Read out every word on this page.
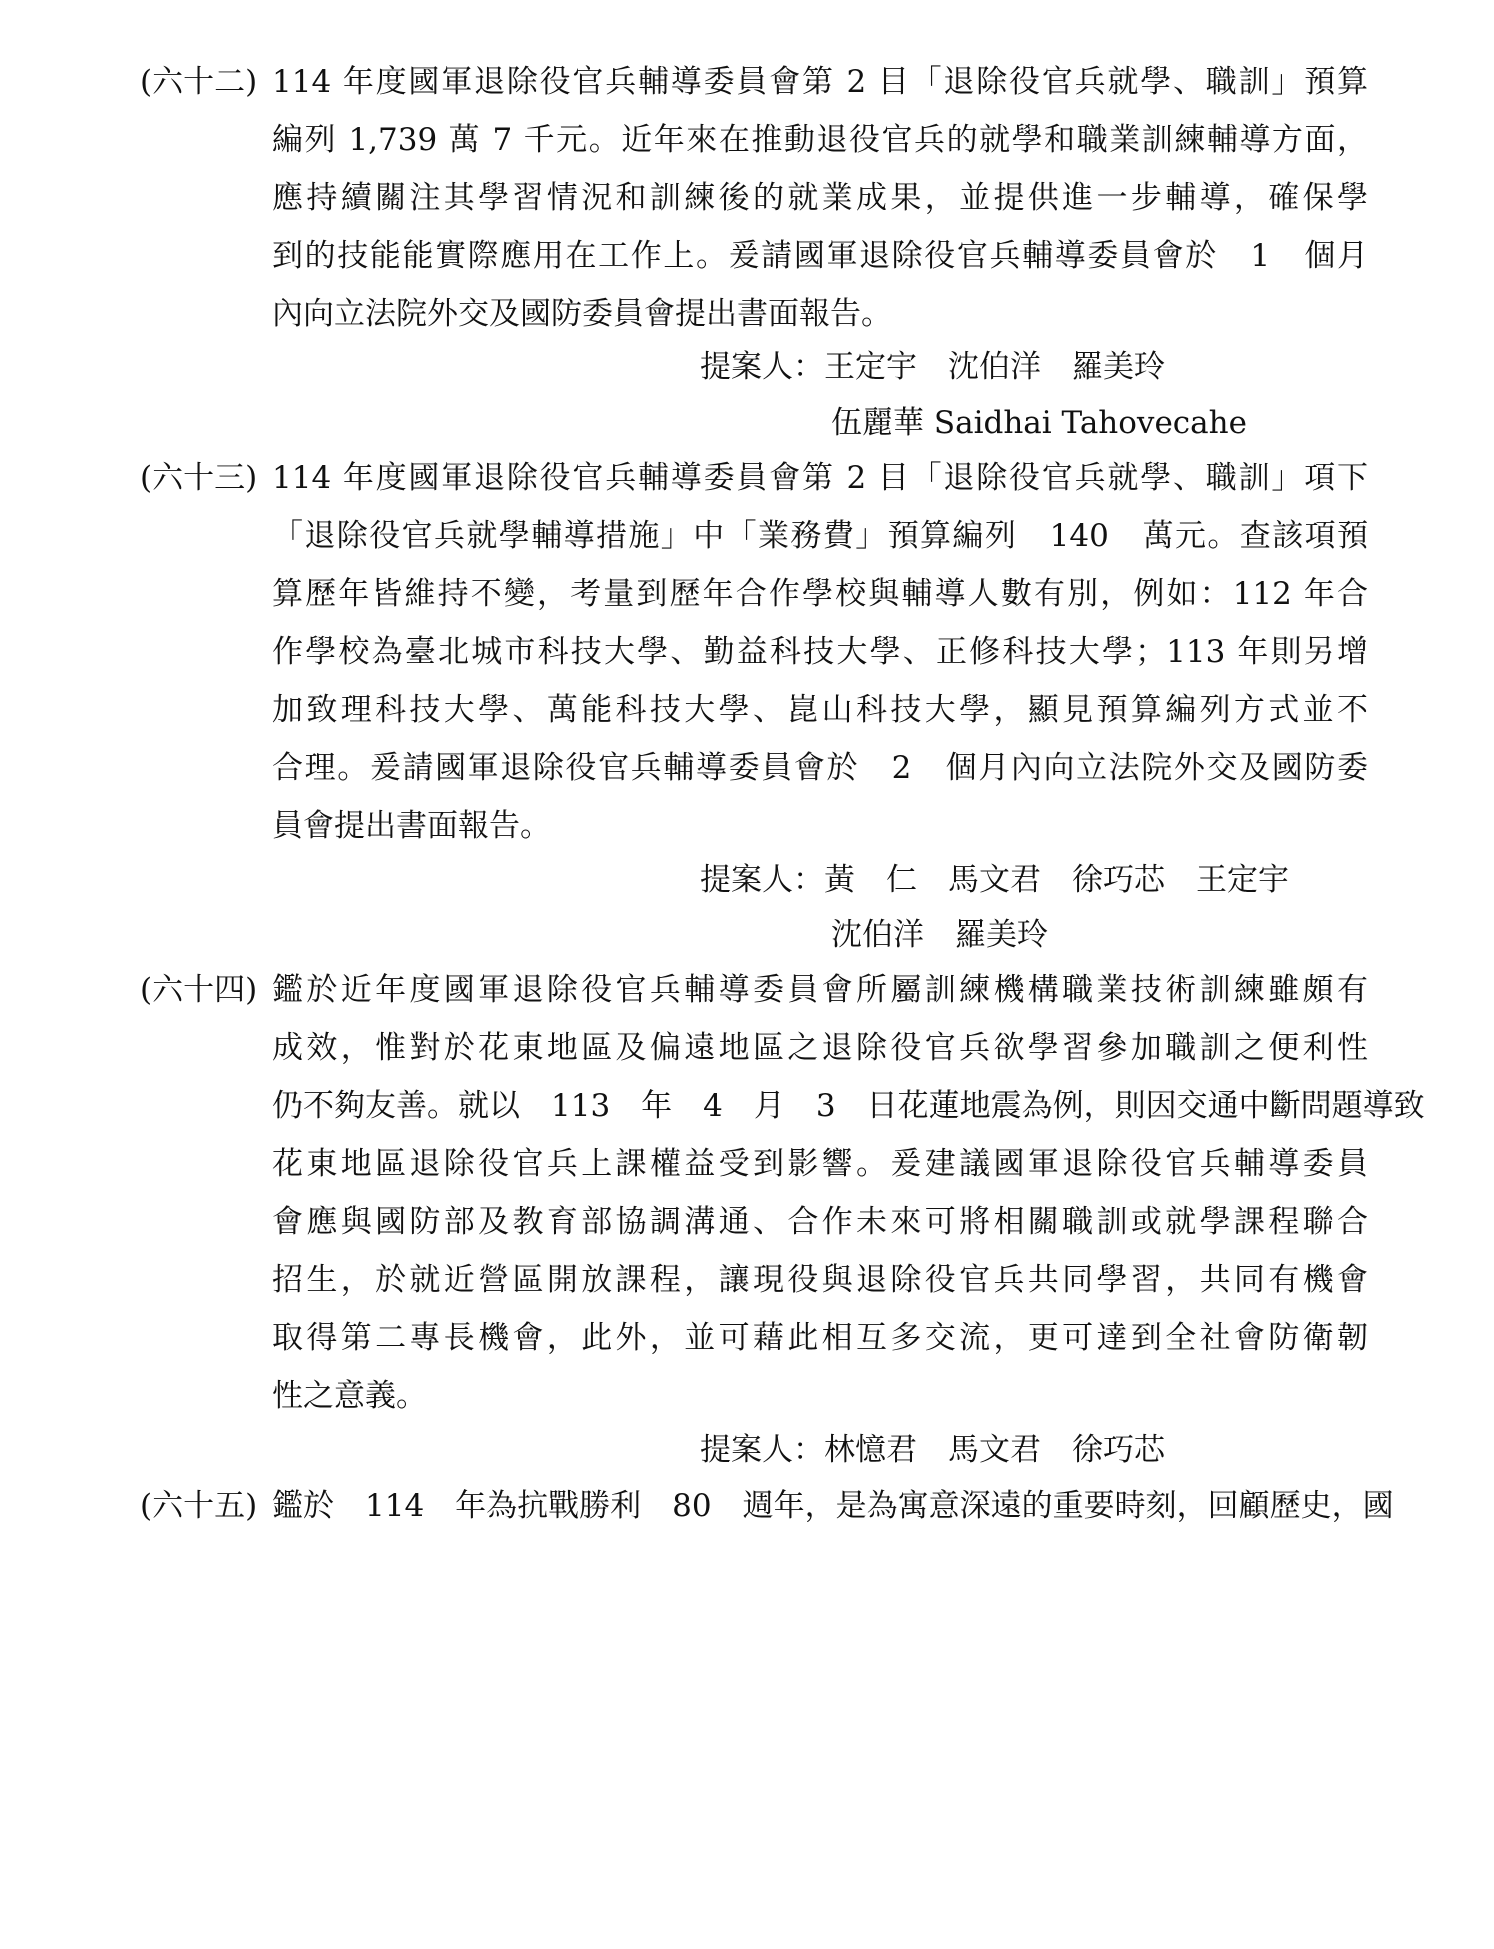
(六十二) 114 年度國軍退除役官兵輔導委員會第 2 目「退除役官兵就學、職訓」預算
編列 1,739 萬 7 千元。近年來在推動退役官兵的就學和職業訓練輔導方面，
應持續關注其學習情況和訓練後的就業成果，並提供進一步輔導，確保學
到的技能能實際應用在工作上。爰請國軍退除役官兵輔導委員會於　1　個月
內向立法院外交及國防委員會提出書面報告。
提案人：王定宇　沈伯洋　羅美玲
伍麗華 Saidhai Tahovecahe
(六十三) 114 年度國軍退除役官兵輔導委員會第 2 目「退除役官兵就學、職訓」項下
「退除役官兵就學輔導措施」中「業務費」預算編列　140　萬元。查該項預
算歷年皆維持不變，考量到歷年合作學校與輔導人數有別，例如：112 年合
作學校為臺北城市科技大學、勤益科技大學、正修科技大學；113 年則另增
加致理科技大學、萬能科技大學、崑山科技大學，顯見預算編列方式並不
合理。爰請國軍退除役官兵輔導委員會於　2　個月內向立法院外交及國防委
員會提出書面報告。
提案人：黃　仁　馬文君　徐巧芯　王定宇
沈伯洋　羅美玲
(六十四) 鑑於近年度國軍退除役官兵輔導委員會所屬訓練機構職業技術訓練雖頗有
成效，惟對於花東地區及偏遠地區之退除役官兵欲學習參加職訓之便利性
仍不夠友善。就以　113　年　4　月　3　日花蓮地震為例，則因交通中斷問題導致
花東地區退除役官兵上課權益受到影響。爰建議國軍退除役官兵輔導委員
會應與國防部及教育部協調溝通、合作未來可將相關職訓或就學課程聯合
招生，於就近營區開放課程，讓現役與退除役官兵共同學習，共同有機會
取得第二專長機會，此外，並可藉此相互多交流，更可達到全社會防衛韌
性之意義。
提案人：林憶君　馬文君　徐巧芯
(六十五) 鑑於　114　年為抗戰勝利　80　週年，是為寓意深遠的重要時刻，回顧歷史，國
